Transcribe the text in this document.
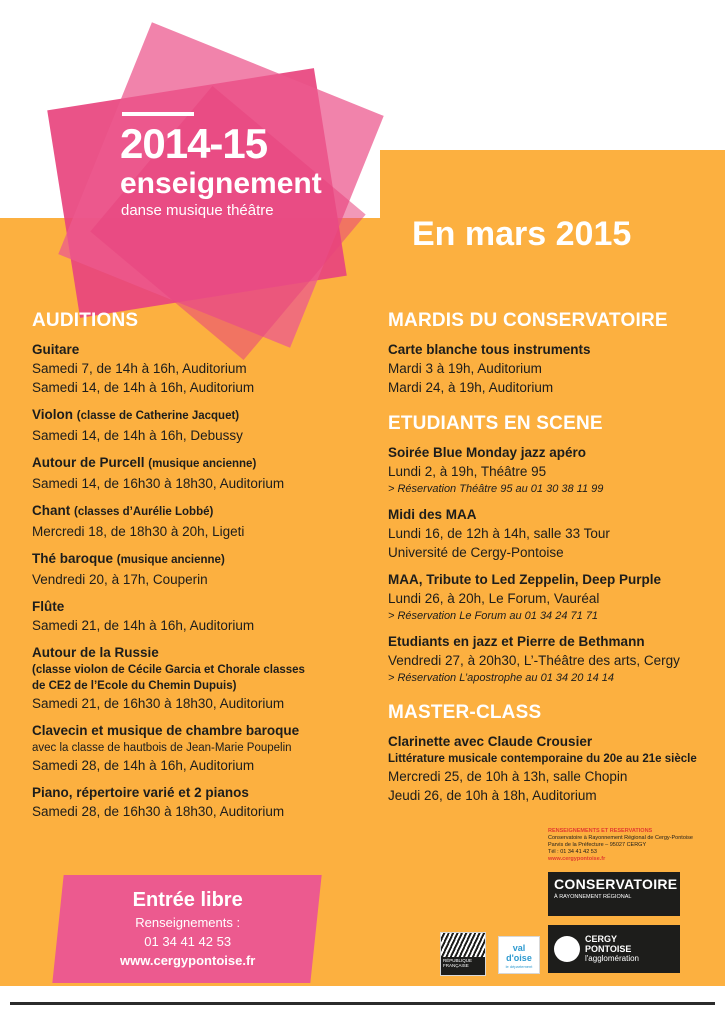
2014-15
enseignement
danse musique théâtre
En mars 2015
AUDITIONS
Guitare
Samedi 7, de 14h à 16h, Auditorium
Samedi 14, de 14h à 16h, Auditorium
Violon (classe de Catherine Jacquet)
Samedi 14, de 14h à 16h, Debussy
Autour de Purcell (musique ancienne)
Samedi 14, de 16h30 à 18h30, Auditorium
Chant (classes d’Aurélie Lobbé)
Mercredi 18, de 18h30 à 20h, Ligeti
Thé baroque (musique ancienne)
Vendredi 20, à 17h, Couperin
Flûte
Samedi 21, de 14h à 16h, Auditorium
Autour de la Russie
(classe violon de Cécile Garcia et Chorale classes
de CE2 de l’Ecole du Chemin Dupuis)
Samedi 21, de 16h30 à 18h30, Auditorium
Clavecin et musique de chambre baroque
avec la classe de hautbois de Jean-Marie Poupelin
Samedi 28, de 14h à 16h, Auditorium
Piano, répertoire varié et 2 pianos
Samedi 28, de 16h30 à 18h30, Auditorium
MARDIS DU CONSERVATOIRE
Carte blanche tous instruments
Mardi 3 à 19h, Auditorium
Mardi 24, à 19h, Auditorium
ETUDIANTS EN SCENE
Soirée Blue Monday jazz apéro
Lundi 2, à 19h, Théâtre 95
> Réservation Théâtre 95 au 01 30 38 11 99
Midi des MAA
Lundi 16, de 12h à 14h, salle 33 Tour
Université de Cergy-Pontoise
MAA, Tribute to Led Zeppelin, Deep Purple
Lundi 26, à 20h, Le Forum, Vauréal
> Réservation Le Forum au 01 34 24 71 71
Etudiants en jazz et Pierre de Bethmann
Vendredi 27, à 20h30, L’-Théâtre des arts, Cergy
> Réservation L’apostrophe au 01 34 20 14 14
MASTER-CLASS
Clarinette avec Claude Crousier
Littérature musicale contemporaine du 20e au 21e siècle
Mercredi 25, de 10h à 13h, salle Chopin
Jeudi 26, de 10h à 18h, Auditorium
Entrée libre
Renseignements :
01 34 41 42 53
www.cergypontoise.fr
RENSEIGNEMENTS ET RESERVATIONS
Conservatoire à Rayonnement Régional de Cergy-Pontoise
Parvis de la Préfecture – 95027 CERGY
Tél : 01 34 41 42 53
www.cergypontoise.fr
CONSERVATOIRE
À RAYONNEMENT RÉGIONAL
CERGY
PONTOISE
l'agglomération
RÉPUBLIQUE FRANÇAISE
val d'oise
le département
